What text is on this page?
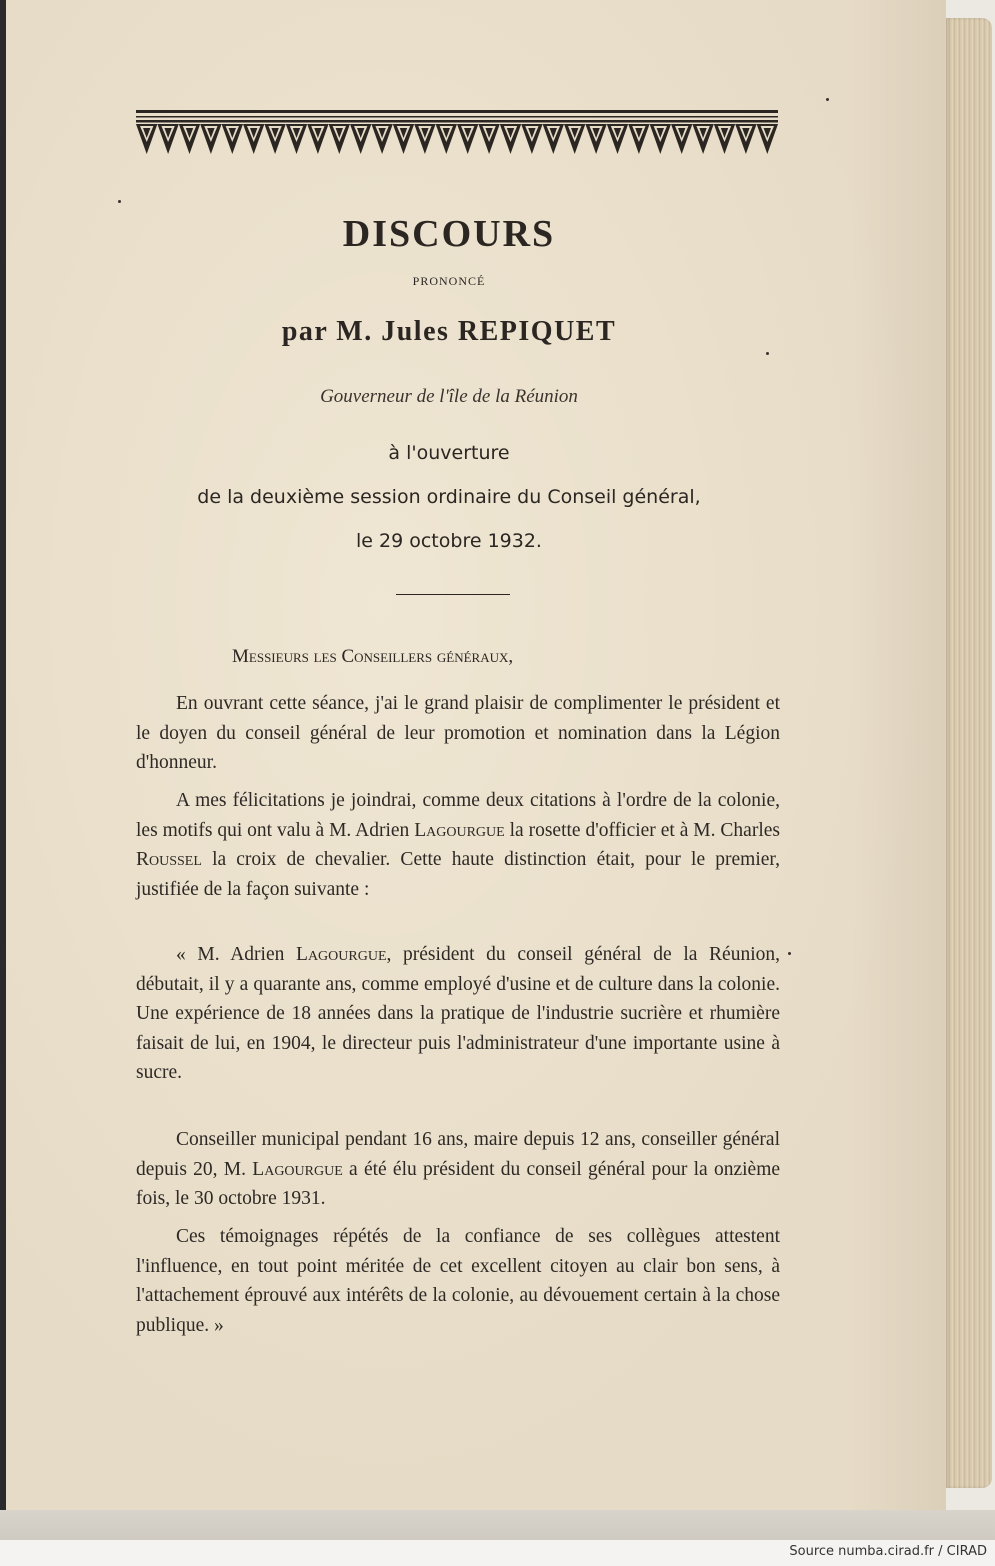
DISCOURS
PRONONCÉ
par M. Jules REPIQUET
Gouverneur de l'île de la Réunion
à l'ouverture
de la deuxième session ordinaire du Conseil général,
le 29 octobre 1932.
Messieurs les Conseillers généraux,

En ouvrant cette séance, j'ai le grand plaisir de complimenter le président et le doyen du conseil général de leur promotion et nomination dans la Légion d'honneur.

A mes félicitations je joindrai, comme deux citations à l'ordre de la colonie, les motifs qui ont valu à M. Adrien Lagourgue la rosette d'officier et à M. Charles Roussel la croix de chevalier. Cette haute distinction était, pour le premier, justifiée de la façon suivante :

« M. Adrien Lagourgue, président du conseil général de la Réunion, débutait, il y a quarante ans, comme employé d'usine et de culture dans la colonie. Une expérience de 18 années dans la pratique de l'industrie sucrière et rhumière faisait de lui, en 1904, le directeur puis l'administrateur d'une importante usine à sucre.

Conseiller municipal pendant 16 ans, maire depuis 12 ans, conseiller général depuis 20, M. Lagourgue a été élu président du conseil général pour la onzième fois, le 30 octobre 1931.

Ces témoignages répétés de la confiance de ses collègues attestent l'influence, en tout point méritée de cet excellent citoyen au clair bon sens, à l'attachement éprouvé aux intérêts de la colonie, au dévouement certain à la chose publique. »

Source numba.cirad.fr / CIRAD
